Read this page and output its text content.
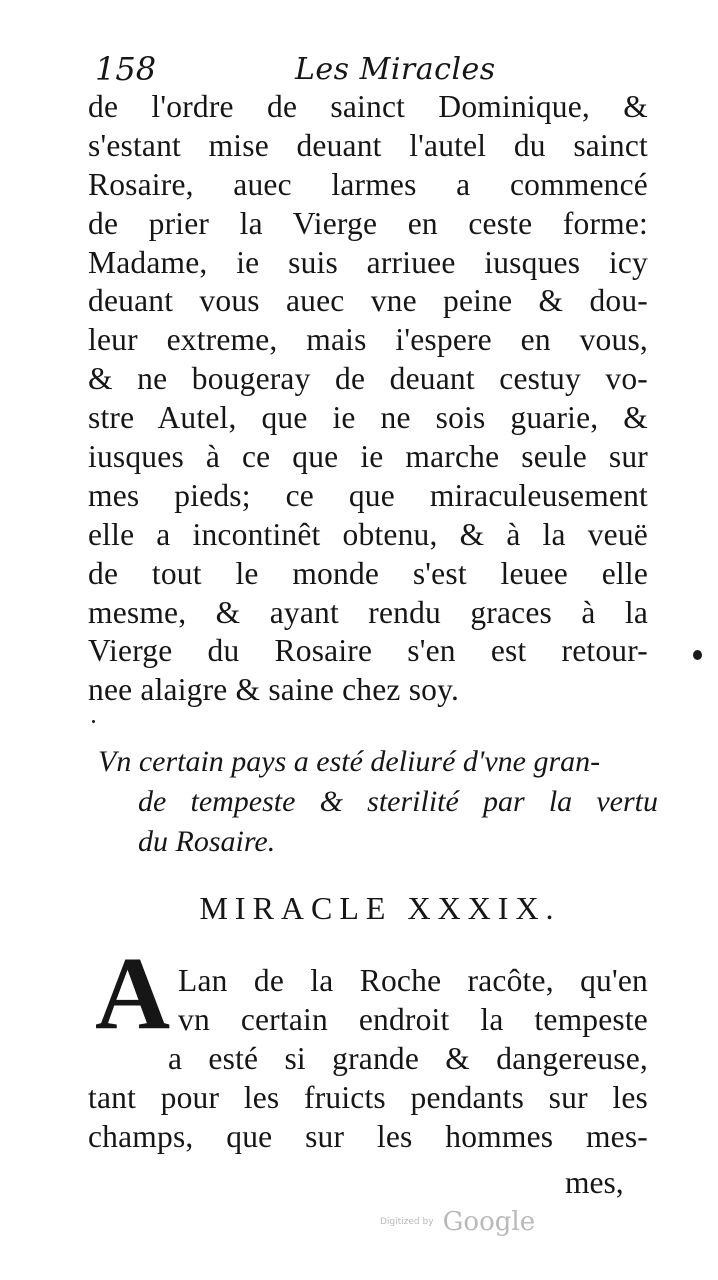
158	Les Miracles
de l'ordre de sainct Dominique, &
s'estant mise deuant l'autel du sainct
Rosaire, auec larmes a commencé
de prier la Vierge en ceste forme:
Madame, ie suis arriuee iusques icy
deuant vous auec vne peine & dou-
leur extreme, mais i'espere en vous,
& ne bougeray de deuant cestuy vo-
stre Autel, que ie ne sois guarie, &
iusques à ce que ie marche seule sur
mes pieds; ce que miraculeusement
elle a incontinêt obtenu, & à la veuë
de tout le monde s'est leuee elle
mesme, & ayant rendu graces à la
Vierge du Rosaire s'en est retour-
nee alaigre & saine chez soy.
Vn certain pays a esté deliuré d'vne gran-
de tempeste & sterilité par la vertu
du Rosaire.
MIRACLE XXXIX.
A Lan de la Roche racôte, qu'en
vn certain endroit la tempeste
a esté si grande & dangereuse,
tant pour les fruicts pendants sur les
champs, que sur les hommes mes-
mes,
Digitized by Google
